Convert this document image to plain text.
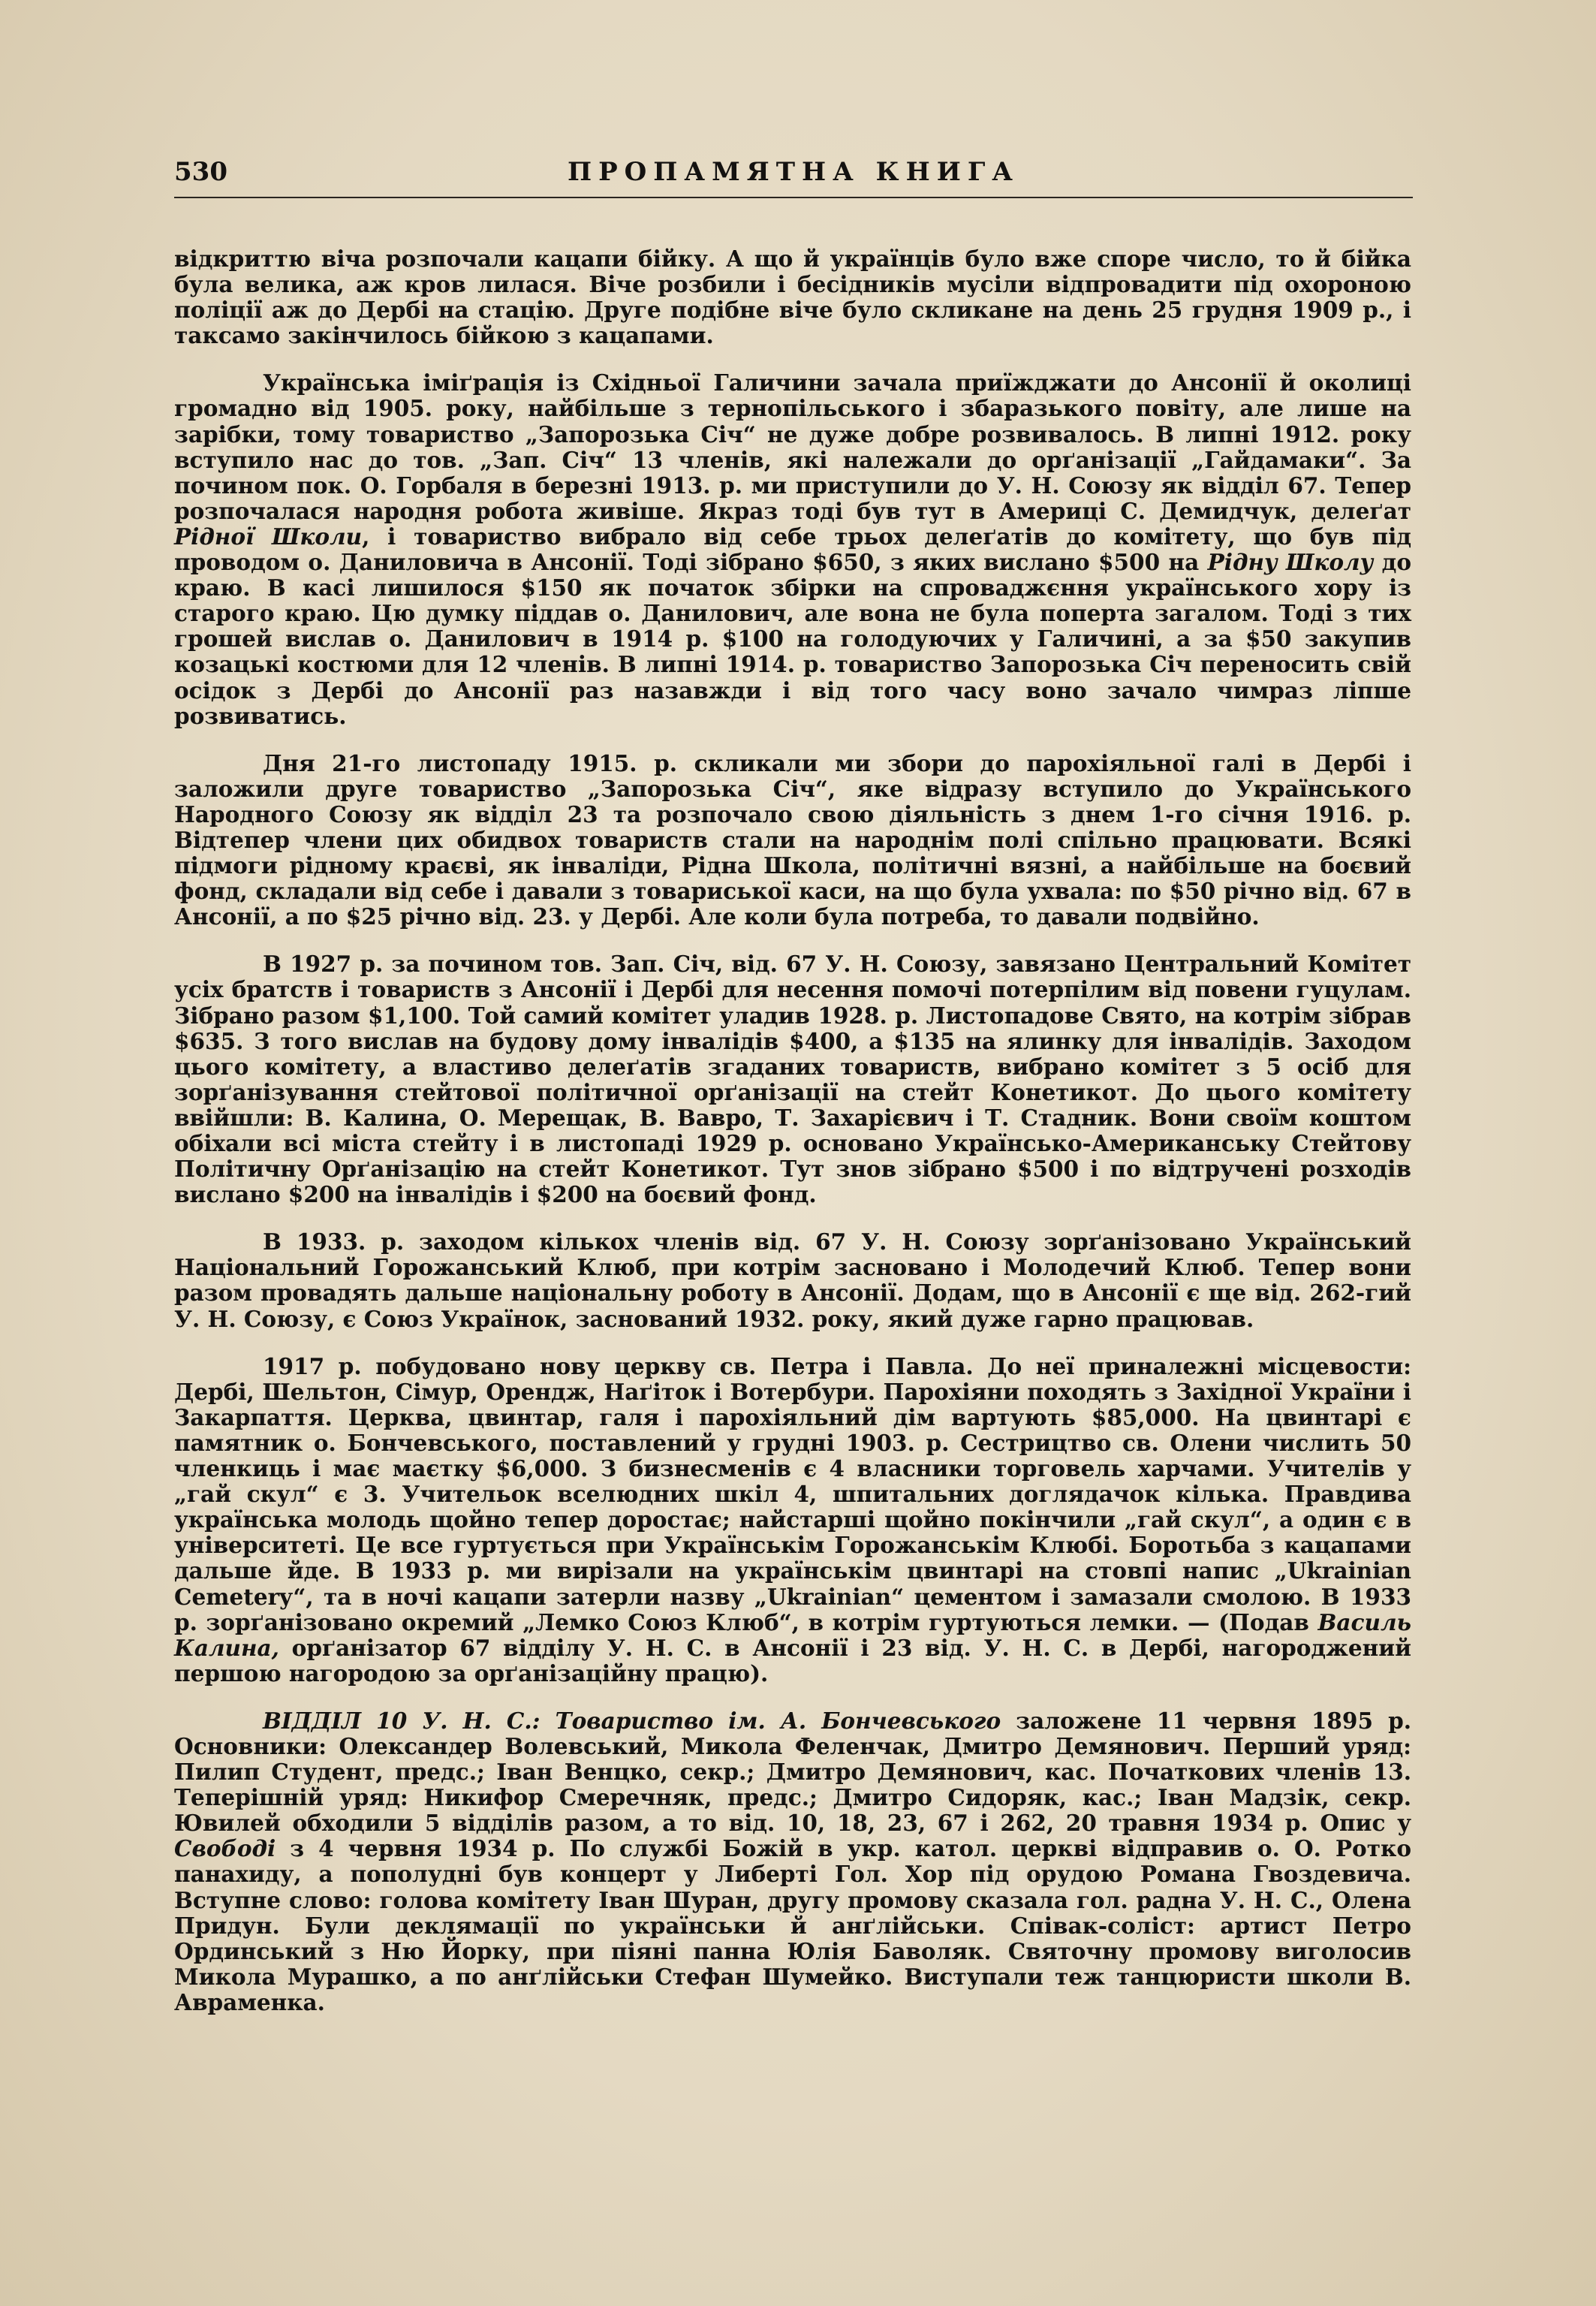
530	ПРОПАМЯТНА КНИГА

відкриттю віча розпочали кацапи бійку. А що й українців було вже споре число, то й бійка була велика, аж кров лилася. Віче розбили і бесідників мусіли відпровадити під охороною поліції аж до Дербі на стацію. Друге подібне віче було скликане на день 25 грудня 1909 р., і таксамо закінчилось бійкою з кацапами.

Українська іміґрація із Східньої Галичини зачала приїжджати до Ансонії й околиці громадно від 1905. року, найбільше з тернопільського і збаразького повіту, але лише на зарібки, тому товариство „Запорозька Січ“ не дуже добре розвивалось. В липні 1912. року вступило нас до тов. „Зап. Січ“ 13 членів, які належали до орґанізації „Гайдамаки“. За почином пок. О. Горбаля в березні 1913. р. ми приступили до У. Н. Союзу як відділ 67. Тепер розпочалася народня робота живіше. Якраз тоді був тут в Америці С. Демидчук, делеґат Рідної Школи, і товариство вибрало від себе трьох делеґатів до комітету, що був під проводом о. Даниловича в Ансонії. Тоді зібрано $650, з яких вислано $500 на Рідну Школу до краю. В касі лишилося $150 як початок збірки на спроваджєння українського хору із старого краю. Цю думку піддав о. Данилович, але вона не була поперта загалом. Тоді з тих грошей вислав о. Данилович в 1914 р. $100 на голодуючих у Галичині, а за $50 закупив козацькі костюми для 12 членів. В липні 1914. р. товариство Запорозька Січ переносить свій осідок з Дербі до Ансонії раз назавжди і від того часу воно зачало чимраз ліпше розвиватись.

Дня 21-го листопаду 1915. р. скликали ми збори до парохіяльної галі в Дербі і заложили друге товариство „Запорозька Січ“, яке відразу вступило до Українського Народного Союзу як відділ 23 та розпочало свою діяльність з днем 1-го січня 1916. р. Відтепер члени цих обидвох товариств стали на народнім полі спільно працювати. Всякі підмоги рідному краєві, як інваліди, Рідна Школа, політичні вязні, а найбільше на боєвий фонд, складали від себе і давали з товариської каси, на що була ухвала: по $50 річно від. 67 в Ансонії, а по $25 річно від. 23. у Дербі. Але коли була потреба, то давали подвійно.

В 1927 р. за почином тов. Зап. Січ, від. 67 У. Н. Союзу, завязано Центральний Комітет усіх братств і товариств з Ансонії і Дербі для несення помочі потерпілим від повени гуцулам. Зібрано разом $1,100. Той самий комітет уладив 1928. р. Листопадове Свято, на котрім зібрав $635. З того вислав на будову дому інвалідів $400, а $135 на ялинку для інвалідів. Заходом цього комітету, а властиво делеґатів згаданих товариств, вибрано комітет з 5 осіб для зорґанізування стейтової політичної орґанізації на стейт Конетикот. До цього комітету ввійшли: В. Калина, О. Мерещак, В. Вавро, Т. Захарієвич і Т. Стадник. Вони своїм коштом обіхали всі міста стейту і в листопаді 1929 р. основано Українсько-Американську Стейтову Політичну Орґанізацію на стейт Конетикот. Тут знов зібрано $500 і по відтручені розходів вислано $200 на інвалідів і $200 на боєвий фонд.

В 1933. р. заходом кількох членів від. 67 У. Н. Союзу зорґанізовано Український Національний Горожанський Клюб, при котрім засновано і Молодечий Клюб. Тепер вони разом провадять дальше національну роботу в Ансонії. Додам, що в Ансонії є ще від. 262-гий У. Н. Союзу, є Союз Українок, заснований 1932. року, який дуже гарно працював.

1917 р. побудовано нову церкву св. Петра і Павла. До неї приналежні місцевости: Дербі, Шельтон, Сімур, Орендж, Наґіток і Вотербури. Парохіяни походять з Західної України і Закарпаття. Церква, цвинтар, галя і парохіяльний дім вартують $85,000. На цвинтарі є памятник о. Бончевського, поставлений у грудні 1903. р. Сестрицтво св. Олени числить 50 членкиць і має маєтку $6,000. З бизнесменів є 4 власники торговель харчами. Учителів у „гай скул“ є 3. Учительок вселюдних шкіл 4, шпитальних доглядачок кілька. Правдива українська молодь щойно тепер доростає; найстарші щойно покінчили „гай скул“, а один є в університеті. Це все гуртується при Українськім Горожанськім Клюбі. Боротьба з кацапами дальше йде. В 1933 р. ми вирізали на українськім цвинтарі на стовпі напис „Ukrainian Cemetery“, та в ночі кацапи затерли назву „Ukrainian“ цементом і замазали смолою. В 1933 р. зорґанізовано окремий „Лемко Союз Клюб“, в котрім гуртуються лемки. — (Подав Василь Калина, орґанізатор 67 відділу У. Н. С. в Ансонії і 23 від. У. Н. С. в Дербі, нагороджений першою нагородою за орґанізаційну працю).

ВІДДІЛ 10 У. Н. С.: Товариство ім. А. Бончевського заложене 11 червня 1895 р. Основники: Олександер Волевський, Микола Феленчак, Дмитро Демянович. Перший уряд: Пилип Студент, предс.; Іван Венцко, секр.; Дмитро Демянович, кас. Початкових членів 13. Теперішній уряд: Никифор Смеречняк, предс.; Дмитро Сидоряк, кас.; Іван Мадзік, секр. Ювилей обходили 5 відділів разом, а то від. 10, 18, 23, 67 і 262, 20 травня 1934 р. Опис у Свободі з 4 червня 1934 р. По службі Божій в укр. катол. церкві відправив о. О. Ротко панахиду, а пополудні був концерт у Либерті Гол. Хор під орудою Романа Гвоздевича. Вступне слово: голова комітету Іван Шуран, другу промову сказала гол. радна У. Н. С., Олена Придун. Були деклямації по українськи й анґлійськи. Співак-соліст: артист Петро Ординський з Ню Йорку, при піяні панна Юлія Баволяк. Святочну промову виголосив Микола Мурашко, а по анґлійськи Стефан Шумейко. Виступали теж танцюристи школи В. Авраменка.
